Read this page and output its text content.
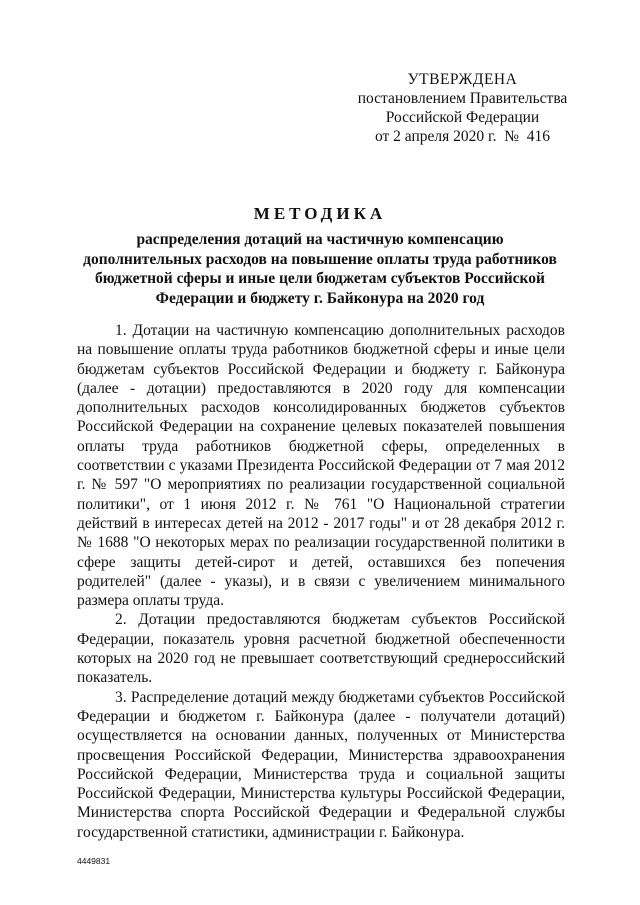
УТВЕРЖДЕНА
постановлением Правительства
Российской Федерации
от 2 апреля 2020 г.  №  416
МЕТОДИКА
распределения дотаций на частичную компенсацию дополнительных расходов на повышение оплаты труда работников бюджетной сферы и иные цели бюджетам субъектов Российской Федерации и бюджету г. Байконура на 2020 год

1. Дотации на частичную компенсацию дополнительных расходов на повышение оплаты труда работников бюджетной сферы и иные цели бюджетам субъектов Российской Федерации и бюджету г. Байконура (далее - дотации) предоставляются в 2020 году для компенсации дополнительных расходов консолидированных бюджетов субъектов Российской Федерации на сохранение целевых показателей повышения оплаты труда работников бюджетной сферы, определенных в соответствии с указами Президента Российской Федерации от 7 мая 2012 г. № 597 "О мероприятиях по реализации государственной социальной политики", от 1 июня 2012 г. № 761 "О Национальной стратегии действий в интересах детей на 2012 - 2017 годы" и от 28 декабря 2012 г. № 1688 "О некоторых мерах по реализации государственной политики в сфере защиты детей-сирот и детей, оставшихся без попечения родителей" (далее - указы), и в связи с увеличением минимального размера оплаты труда.

2. Дотации предоставляются бюджетам субъектов Российской Федерации, показатель уровня расчетной бюджетной обеспеченности которых на 2020 год не превышает соответствующий среднероссийский показатель.

3. Распределение дотаций между бюджетами субъектов Российской Федерации и бюджетом г. Байконура (далее - получатели дотаций) осуществляется на основании данных, полученных от Министерства просвещения Российской Федерации, Министерства здравоохранения Российской Федерации, Министерства труда и социальной защиты Российской Федерации, Министерства культуры Российской Федерации, Министерства спорта Российской Федерации и Федеральной службы государственной статистики, администрации г. Байконура.

4449831
